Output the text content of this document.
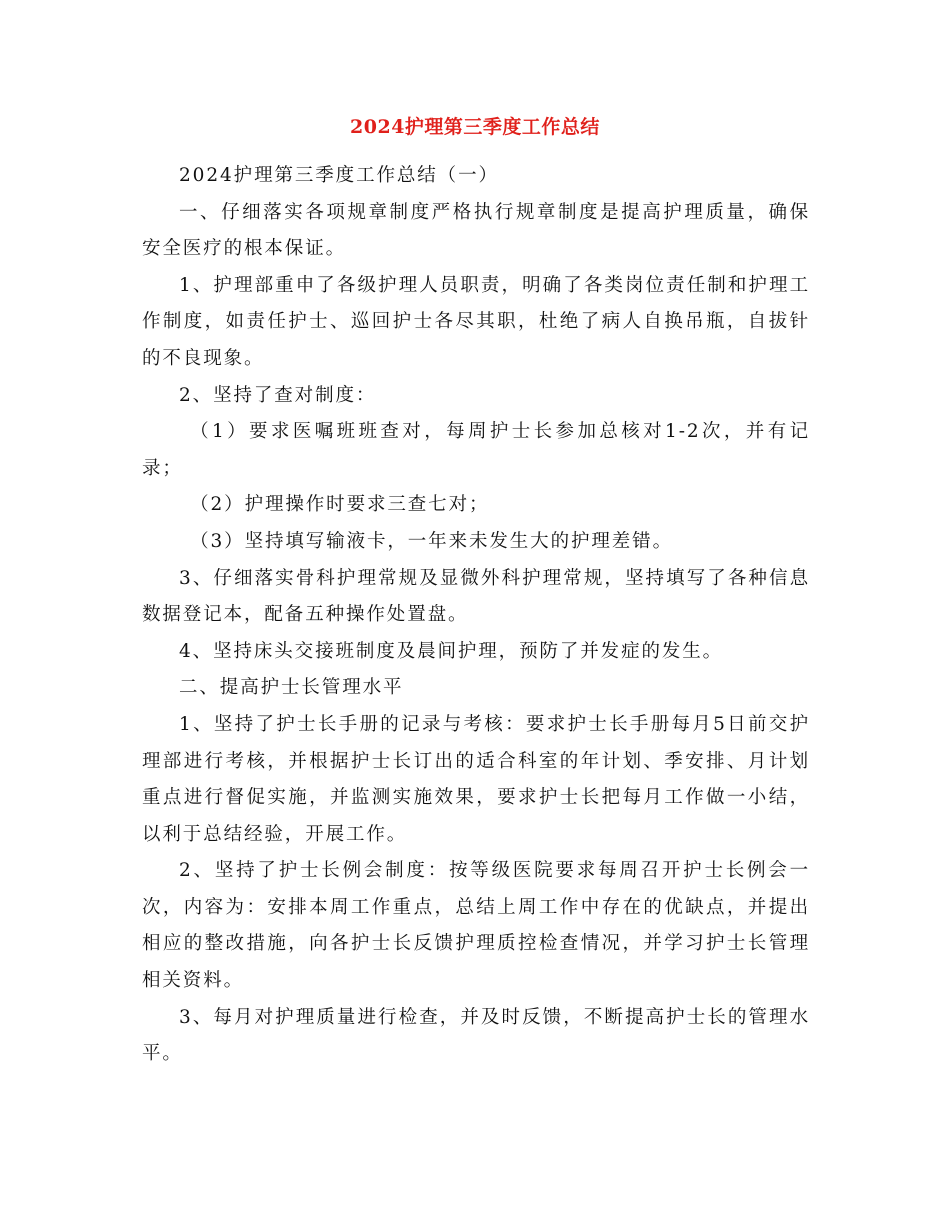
2024护理第三季度工作总结

2024护理第三季度工作总结（一）

一、仔细落实各项规章制度严格执行规章制度是提高护理质量，确保安全医疗的根本保证。

1、护理部重申了各级护理人员职责，明确了各类岗位责任制和护理工作制度，如责任护士、巡回护士各尽其职，杜绝了病人自换吊瓶，自拔针的不良现象。

2、坚持了查对制度：

（1）要求医嘱班班查对，每周护士长参加总核对1-2次，并有记录；

（2）护理操作时要求三查七对；

（3）坚持填写输液卡，一年来未发生大的护理差错。

3、仔细落实骨科护理常规及显微外科护理常规，坚持填写了各种信息数据登记本，配备五种操作处置盘。

4、坚持床头交接班制度及晨间护理，预防了并发症的发生。

二、提高护士长管理水平

1、坚持了护士长手册的记录与考核：要求护士长手册每月5日前交护理部进行考核，并根据护士长订出的适合科室的年计划、季安排、月计划重点进行督促实施，并监测实施效果，要求护士长把每月工作做一小结，以利于总结经验，开展工作。

2、坚持了护士长例会制度：按等级医院要求每周召开护士长例会一次，内容为：安排本周工作重点，总结上周工作中存在的优缺点，并提出相应的整改措施，向各护士长反馈护理质控检查情况，并学习护士长管理相关资料。

3、每月对护理质量进行检查，并及时反馈，不断提高护士长的管理水平。
